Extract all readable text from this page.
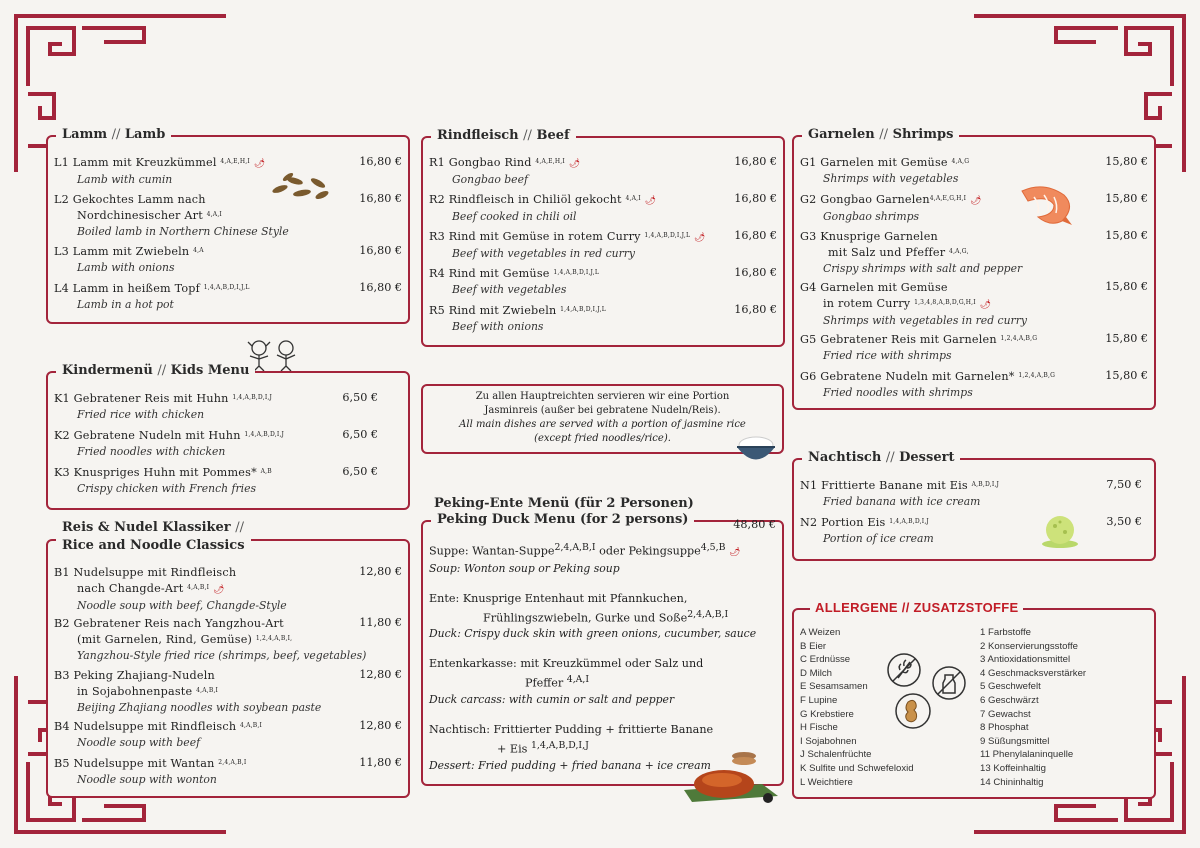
Lamm // Lamb
L1 Lamm mit Kreuzkümmel $^{4,A,E,H,I}$ 🌶
Lamb with cumin
16,80 €
L2 Gekochtes Lamm nach
Nordchinesischer Art $^{4,A,I}$
Boiled lamb in Northern Chinese Style
16,80 €
L3 Lamm mit Zwiebeln $^{4,A}$
Lamb with onions
16,80 €
L4 Lamm in heißem Topf $^{1,4,A,B,D,I,J,L}$
Lamb in a hot pot
16,80 €
Kindermenü // Kids Menu
K1 Gebratener Reis mit Huhn $^{1,4,A,B,D,I,J}$
Fried rice with chicken
6,50 €
K2 Gebratene Nudeln mit Huhn $^{1,4,A,B,D,I,J}$
Fried noodles with chicken
6,50 €
K3 Knuspriges Huhn mit Pommes* $^{A,B}$
Crispy chicken with French fries
6,50 €
Reis & Nudel Klassiker //
Rice and Noodle Classics
B1 Nudelsuppe mit Rindfleisch
nach Changde-Art $^{4,A,B,I}$ 🌶
Noodle soup with beef, Changde-Style
12,80 €
B2 Gebratener Reis nach Yangzhou-Art
(mit Garnelen, Rind, Gemüse) $^{1,2,4,A,B,I,}$
Yangzhou-Style fried rice (shrimps, beef, vegetables)
11,80 €
B3 Peking Zhajiang-Nudeln
in Sojabohnenpaste $^{4,A,B,I}$
Beijing Zhajiang noodles with soybean paste
12,80 €
B4 Nudelsuppe mit Rindfleisch $^{4,A,B,I}$
Noodle soup with beef
12,80 €
B5 Nudelsuppe mit Wantan $^{2,4,A,B,I}$
Noodle soup with wonton
11,80 €
Rindfleisch // Beef
R1 Gongbao Rind $^{4,A,E,H,I}$ 🌶
Gongbao beef
16,80 €
R2 Rindfleisch in Chiliöl gekocht $^{4,A,I}$ 🌶
Beef cooked in chili oil
16,80 €
R3 Rind mit Gemüse in rotem Curry $^{1,4,A,B,D,I,J,L}$ 🌶
Beef with vegetables in red curry
16,80 €
R4 Rind mit Gemüse $^{1,4,A,B,D,I,J,L}$
Beef with vegetables
16,80 €
R5 Rind mit Zwiebeln $^{1,4,A,B,D,I,J,L}$
Beef with onions
16,80 €
Zu allen Hauptreichten servieren wir eine Portion
Jasminreis (außer bei gebratene Nudeln/Reis).
All main dishes are served with a portion of jasmine rice
(except fried noodles/rice).
Peking-Ente Menü (für 2 Personen)
Peking Duck Menu (for 2 persons)	48,80 €
Suppe: Wantan-Suppe$^{2,4,A,B,I}$ oder Pekingsuppe$^{4,5,B}$ 🌶
Soup: Wonton soup or Peking soup
Ente: Knusprige Entenhaut mit Pfannkuchen,
Frühlingszwiebeln, Gurke und Soße$^{2,4,A,B,I}$
Duck: Crispy duck skin with green onions, cucumber, sauce
Entenkarkasse: mit Kreuzkümmel oder Salz und
Pfeffer $^{4,A,I}$
Duck carcass: with cumin or salt and pepper
Nachtisch: Frittierter Pudding + frittierte Banane
+ Eis $^{1,4,A,B,D,I,J}$
Dessert: Fried pudding + fried banana + ice cream
Garnelen // Shrimps
G1 Garnelen mit Gemüse $^{4,A,G}$
Shrimps with vegetables
15,80 €
G2 Gongbao Garnelen$^{4,A,E,G,H,I}$ 🌶
Gongbao shrimps
15,80 €
G3 Knusprige Garnelen
mit Salz und Pfeffer $^{4,A,G,}$
Crispy shrimps with salt and pepper
15,80 €
G4 Garnelen mit Gemüse
in rotem Curry $^{1,3,4,8,A,B,D,G,H,I}$ 🌶
Shrimps with vegetables in red curry
15,80 €
G5 Gebratener Reis mit Garnelen $^{1,2,4,A,B,G}$
Fried rice with shrimps
15,80 €
G6 Gebratene Nudeln mit Garnelen* $^{1,2,4,A,B,G}$
Fried noodles with shrimps
15,80 €
Nachtisch // Dessert
N1 Frittierte Banane mit Eis $^{A,B,D,I,J}$
Fried banana with ice cream
7,50 €
N2 Portion Eis $^{1,4,A,B,D,I,J}$
Portion of ice cream
3,50 €
ALLERGENE // ZUSATZSTOFFE
A Weizen
B Eier
C Erdnüsse
D Milch
E Sesamsamen
F Lupine
G Krebstiere
H Fische
I Sojabohnen
J Schalenfrüchte
K Sulfite und Schwefeloxid
L Weichtiere
1 Farbstoffe
2 Konservierungsstoffe
3 Antioxidationsmittel
4 Geschmacksverstärker
5 Geschwefelt
6 Geschwärzt
7 Gewachst
8 Phosphat
9 Süßungsmittel
11 Phenylalaninquelle
13 Koffeinhaltig
14 Chininhaltig
